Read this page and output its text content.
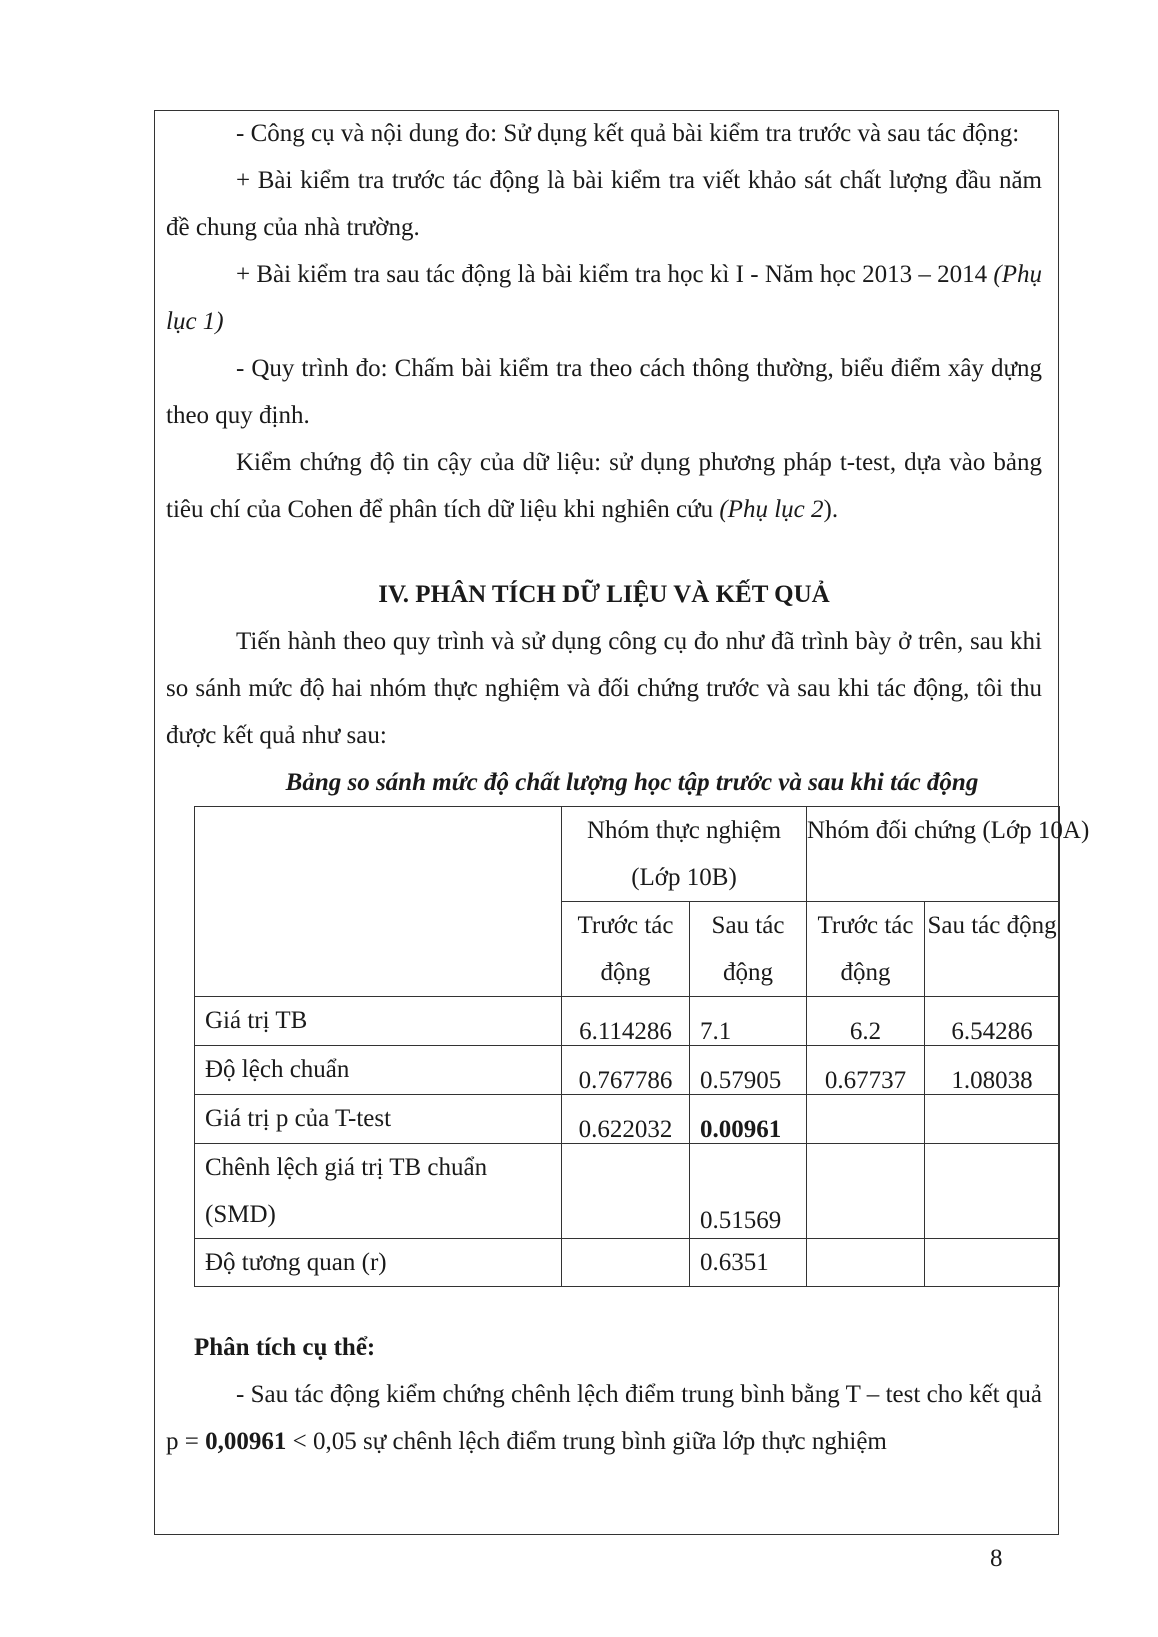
- Công cụ và nội dung đo: Sử dụng kết quả bài kiểm tra trước và sau tác động:

+ Bài kiểm tra trước tác động là bài kiểm tra viết khảo sát chất lượng đầu năm đề chung của nhà trường.

+ Bài kiểm tra sau tác động là bài kiểm tra học kì I - Năm học 2013 – 2014 (Phụ lục 1)

- Quy trình đo: Chấm bài kiểm tra theo cách thông thường, biểu điểm xây dựng theo quy định.

Kiểm chứng độ tin cậy của dữ liệu: sử dụng phương pháp t-test, dựa vào bảng tiêu chí của Cohen để phân tích dữ liệu khi nghiên cứu (Phụ lục 2).

IV. PHÂN TÍCH DỮ LIỆU VÀ KẾT QUẢ

Tiến hành theo quy trình và sử dụng công cụ đo như đã trình bày ở trên, sau khi so sánh mức độ hai nhóm thực nghiệm và đối chứng trước và sau khi tác động, tôi thu được kết quả như sau:

Bảng so sánh mức độ chất lượng học tập trước và sau khi tác động
	Nhóm thực nghiệm (Lớp 10B)		Nhóm đối chứng (Lớp 10A)	
	Trước tác động	Sau tác động	Trước tác động	Sau tác động
Giá trị TB	6.114286	7.1	6.2	6.54286
Độ lệch chuẩn	0.767786	0.57905	0.67737	1.08038
Giá trị p của T-test	0.622032	0.00961		
Chênh lệch giá trị TB chuẩn (SMD)		0.51569		
Độ tương quan (r)		0.6351		

Phân tích cụ thể:

- Sau tác động kiểm chứng chênh lệch điểm trung bình bằng T – test cho kết quả p = 0,00961 < 0,05 sự chênh lệch điểm trung bình giữa lớp thực nghiệm

8
